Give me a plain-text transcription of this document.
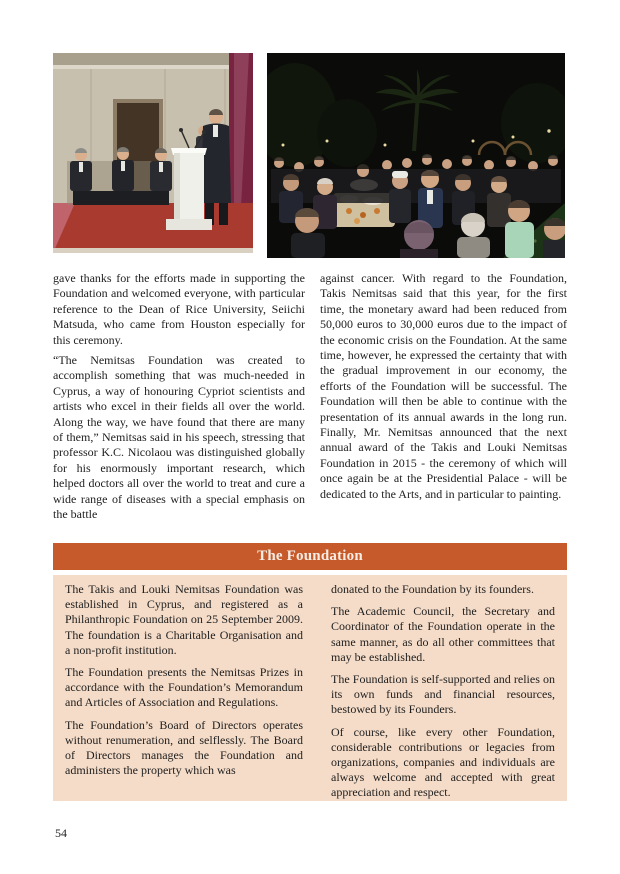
gave thanks for the efforts made in supporting the Foundation and welcomed everyone, with particular reference to the Dean of Rice University, Seiichi Matsuda, who came from Houston especially for this ceremony.

“The Nemitsas Foundation was created to accomplish something that was much-needed in Cyprus, a way of honouring Cypriot scientists and artists who excel in their fields all over the world. Along the way, we have found that there are many of them,” Nemitsas said in his speech, stressing that professor K.C. Nicolaou was distinguished globally for his enormously important research, which helped doctors all over the world to treat and cure a wide range of diseases with a special emphasis on the battle

against cancer. With regard to the Foundation, Takis Nemitsas said that this year, for the first time, the monetary award had been reduced from 50,000 euros to 30,000 euros due to the impact of the economic crisis on the Foundation. At the same time, however, he expressed the certainty that with the gradual improvement in our economy, the efforts of the Foundation will be successful. The Foundation will then be able to continue with the presentation of its annual awards in the long run. Finally, Mr. Nemitsas announced that the next annual award of the Takis and Louki Nemitsas Foundation in 2015 - the ceremony of which will once again be at the Presidential Palace - will be dedicated to the Arts, and in particular to painting.

The Foundation

The Takis and Louki Nemitsas Foundation was established in Cyprus, and registered as a Philanthropic Foundation on 25 September 2009. The foundation is a Charitable Organisation and a non-profit institution.

The Foundation presents the Nemitsas Prizes in accordance with the Foundation’s Memorandum and Articles of Association and Regulations.

The Foundation’s Board of Directors operates without renumeration, and selflessly. The Board of Directors manages the Foundation and administers the property which was

donated to the Foundation by its founders.

The Academic Council, the Secretary and Coordinator of the Foundation operate in the same manner, as do all other committees that may be established.

The Foundation is self-supported and relies on its own funds and financial resources, bestowed by its Founders.

Of course, like every other Foundation, considerable contributions or legacies from organizations, companies and individuals are always welcome and accepted with great appreciation and respect.

54
